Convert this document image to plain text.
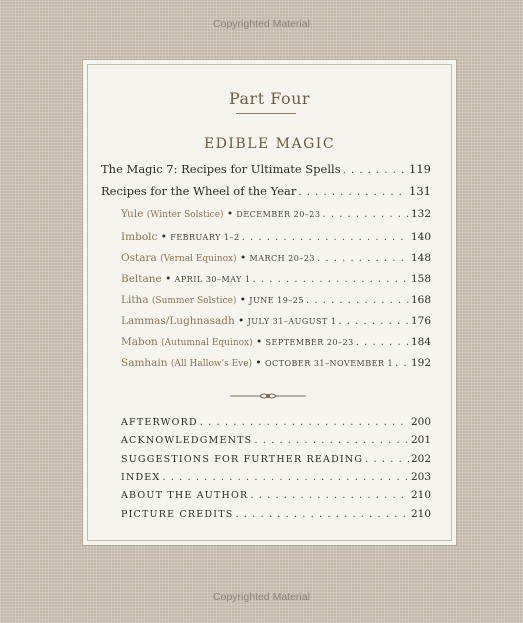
Copyrighted Material
Part Four
EDIBLE MAGIC
The Magic 7: Recipes for Ultimate Spells . . .	119
Recipes for the Wheel of the Year . . .	131
Yule (Winter Solstice) • DECEMBER 20–23 . . .	132
Imbolc • FEBRUARY 1–2 . . .	140
Ostara (Vernal Equinox) • MARCH 20–23 . . .	148
Beltane • APRIL 30–MAY 1 . . .	158
Litha (Summer Solstice) • JUNE 19–25 . . .	168
Lammas/Lughnasadh • JULY 31–AUGUST 1 . . .	176
Mabon (Autumnal Equinox) • SEPTEMBER 20–23 . . .	184
Samhain (All Hallow's Eve) • OCTOBER 31–NOVEMBER 1 . . . 192
AFTERWORD . . .	200
ACKNOWLEDGMENTS . . .	201
SUGGESTIONS FOR FURTHER READING . . .	202
INDEX . . .	203
ABOUT THE AUTHOR . . .	210
PICTURE CREDITS . . .	210
Copyrighted Material
